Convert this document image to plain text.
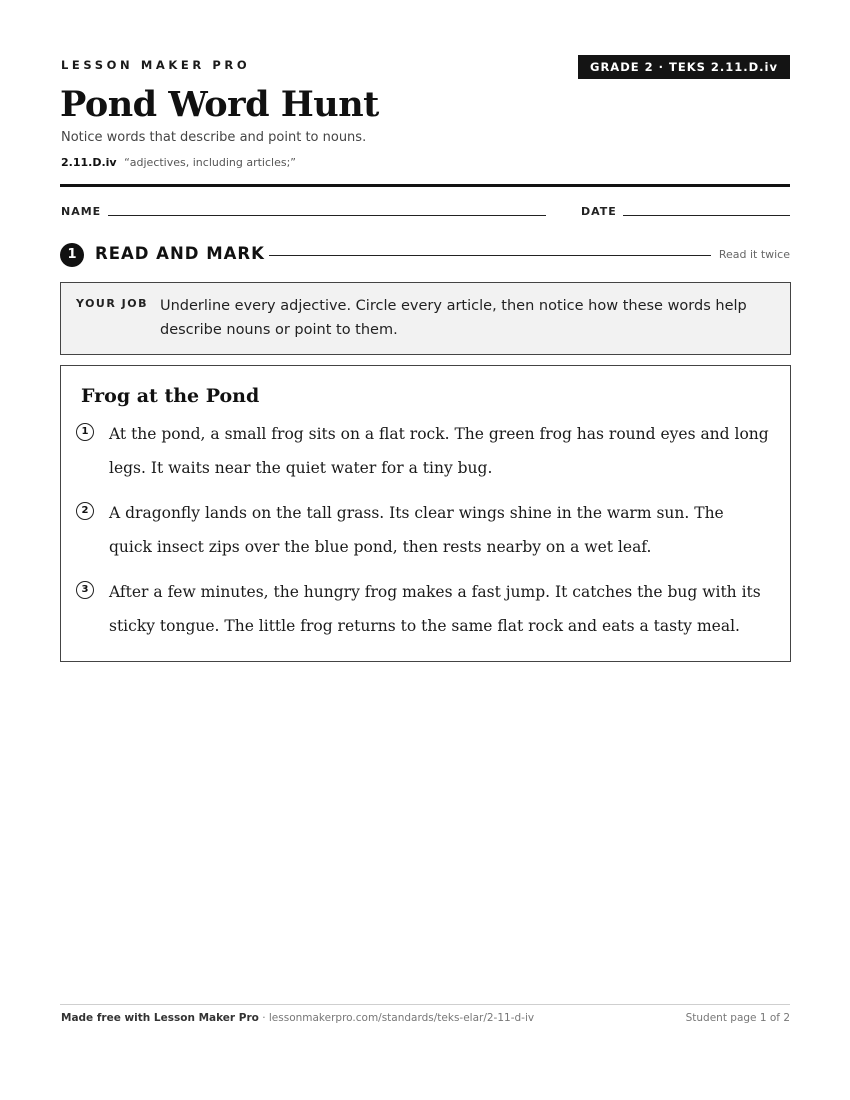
LESSON MAKER PRO	GRADE 2 · TEKS 2.11.D.iv
Pond Word Hunt
Notice words that describe and point to nouns.
2.11.D.iv “adjectives, including articles;”
NAME	DATE
1	READ AND MARK	Read it twice
YOUR JOB Underline every adjective. Circle every article, then notice how these words help describe nouns or point to them.
Frog at the Pond
1	At the pond, a small frog sits on a flat rock. The green frog has round eyes and long legs. It waits near the quiet water for a tiny bug.
2	A dragonfly lands on the tall grass. Its clear wings shine in the warm sun. The quick insect zips over the blue pond, then rests nearby on a wet leaf.
3	After a few minutes, the hungry frog makes a fast jump. It catches the bug with its sticky tongue. The little frog returns to the same flat rock and eats a tasty meal.
Made free with Lesson Maker Pro · lessonmakerpro.com/standards/teks-elar/2-11-d-iv	Student page 1 of 2
